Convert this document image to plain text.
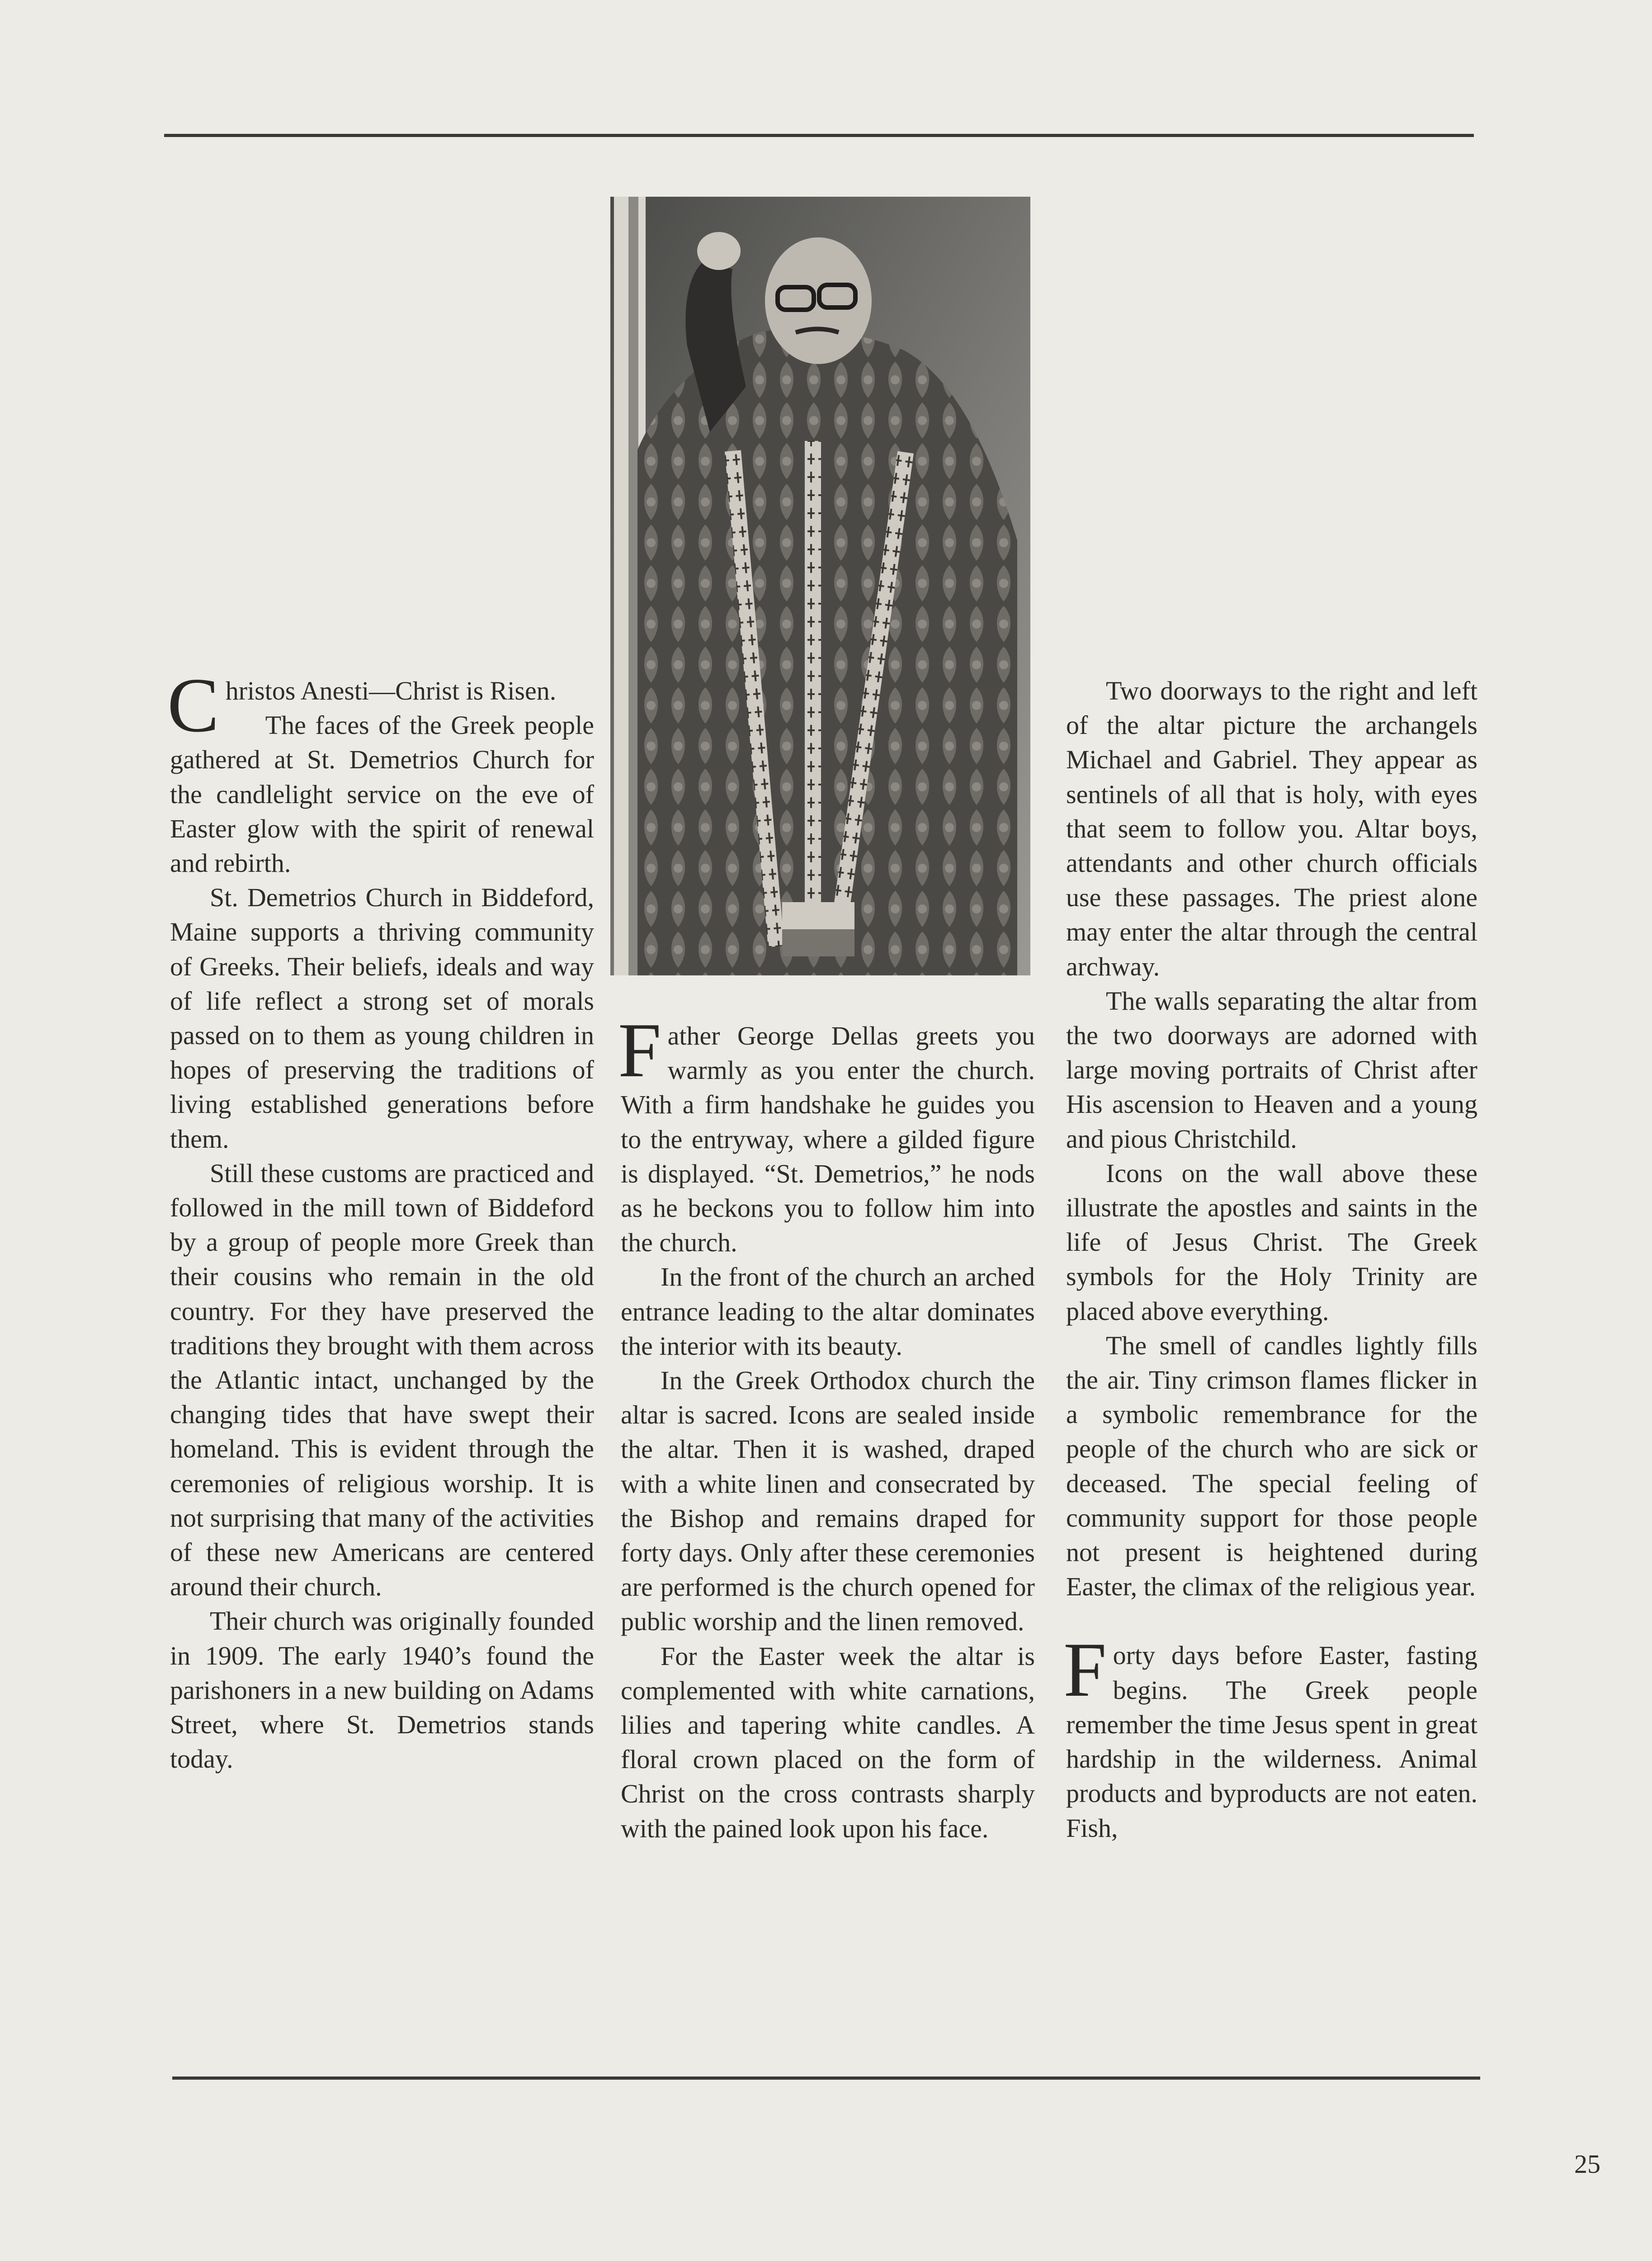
Christos Anesti—Christ is Risen.

The faces of the Greek people gathered at St. Demetrios Church for the candlelight service on the eve of Easter glow with the spirit of renewal and rebirth.

St. Demetrios Church in Biddeford, Maine supports a thriving community of Greeks. Their beliefs, ideals and way of life reflect a strong set of morals passed on to them as young children in hopes of preserving the traditions of living established generations before them.

Still these customs are practiced and followed in the mill town of Biddeford by a group of people more Greek than their cousins who remain in the old country. For they have preserved the traditions they brought with them across the Atlantic intact, unchanged by the changing tides that have swept their homeland. This is evident through the ceremonies of religious worship. It is not surprising that many of the activities of these new Americans are centered around their church.

Their church was originally founded in 1909. The early 1940’s found the parishoners in a new building on Adams Street, where St. Demetrios stands today.

Father George Dellas greets you warmly as you enter the church. With a firm handshake he guides you to the entryway, where a gilded figure is displayed. “St. Demetrios,” he nods as he beckons you to follow him into the church.

In the front of the church an arched entrance leading to the altar dominates the interior with its beauty.

In the Greek Orthodox church the altar is sacred. Icons are sealed inside the altar. Then it is washed, draped with a white linen and consecrated by the Bishop and remains draped for forty days. Only after these ceremonies are performed is the church opened for public worship and the linen removed.

For the Easter week the altar is complemented with white carnations, lilies and tapering white candles. A floral crown placed on the form of Christ on the cross contrasts sharply with the pained look upon his face.

Two doorways to the right and left of the altar picture the archangels Michael and Gabriel. They appear as sentinels of all that is holy, with eyes that seem to follow you. Altar boys, attendants and other church officials use these passages. The priest alone may enter the altar through the central archway.

The walls separating the altar from the two doorways are adorned with large moving portraits of Christ after His ascension to Heaven and a young and pious Christchild.

Icons on the wall above these illustrate the apostles and saints in the life of Jesus Christ. The Greek symbols for the Holy Trinity are placed above everything.

The smell of candles lightly fills the air. Tiny crimson flames flicker in a symbolic remembrance for the people of the church who are sick or deceased. The special feeling of community support for those people not present is heightened during Easter, the climax of the religious year.

Forty days before Easter, fasting begins. The Greek people remember the time Jesus spent in great hardship in the wilderness. Animal products and byproducts are not eaten. Fish,

25
